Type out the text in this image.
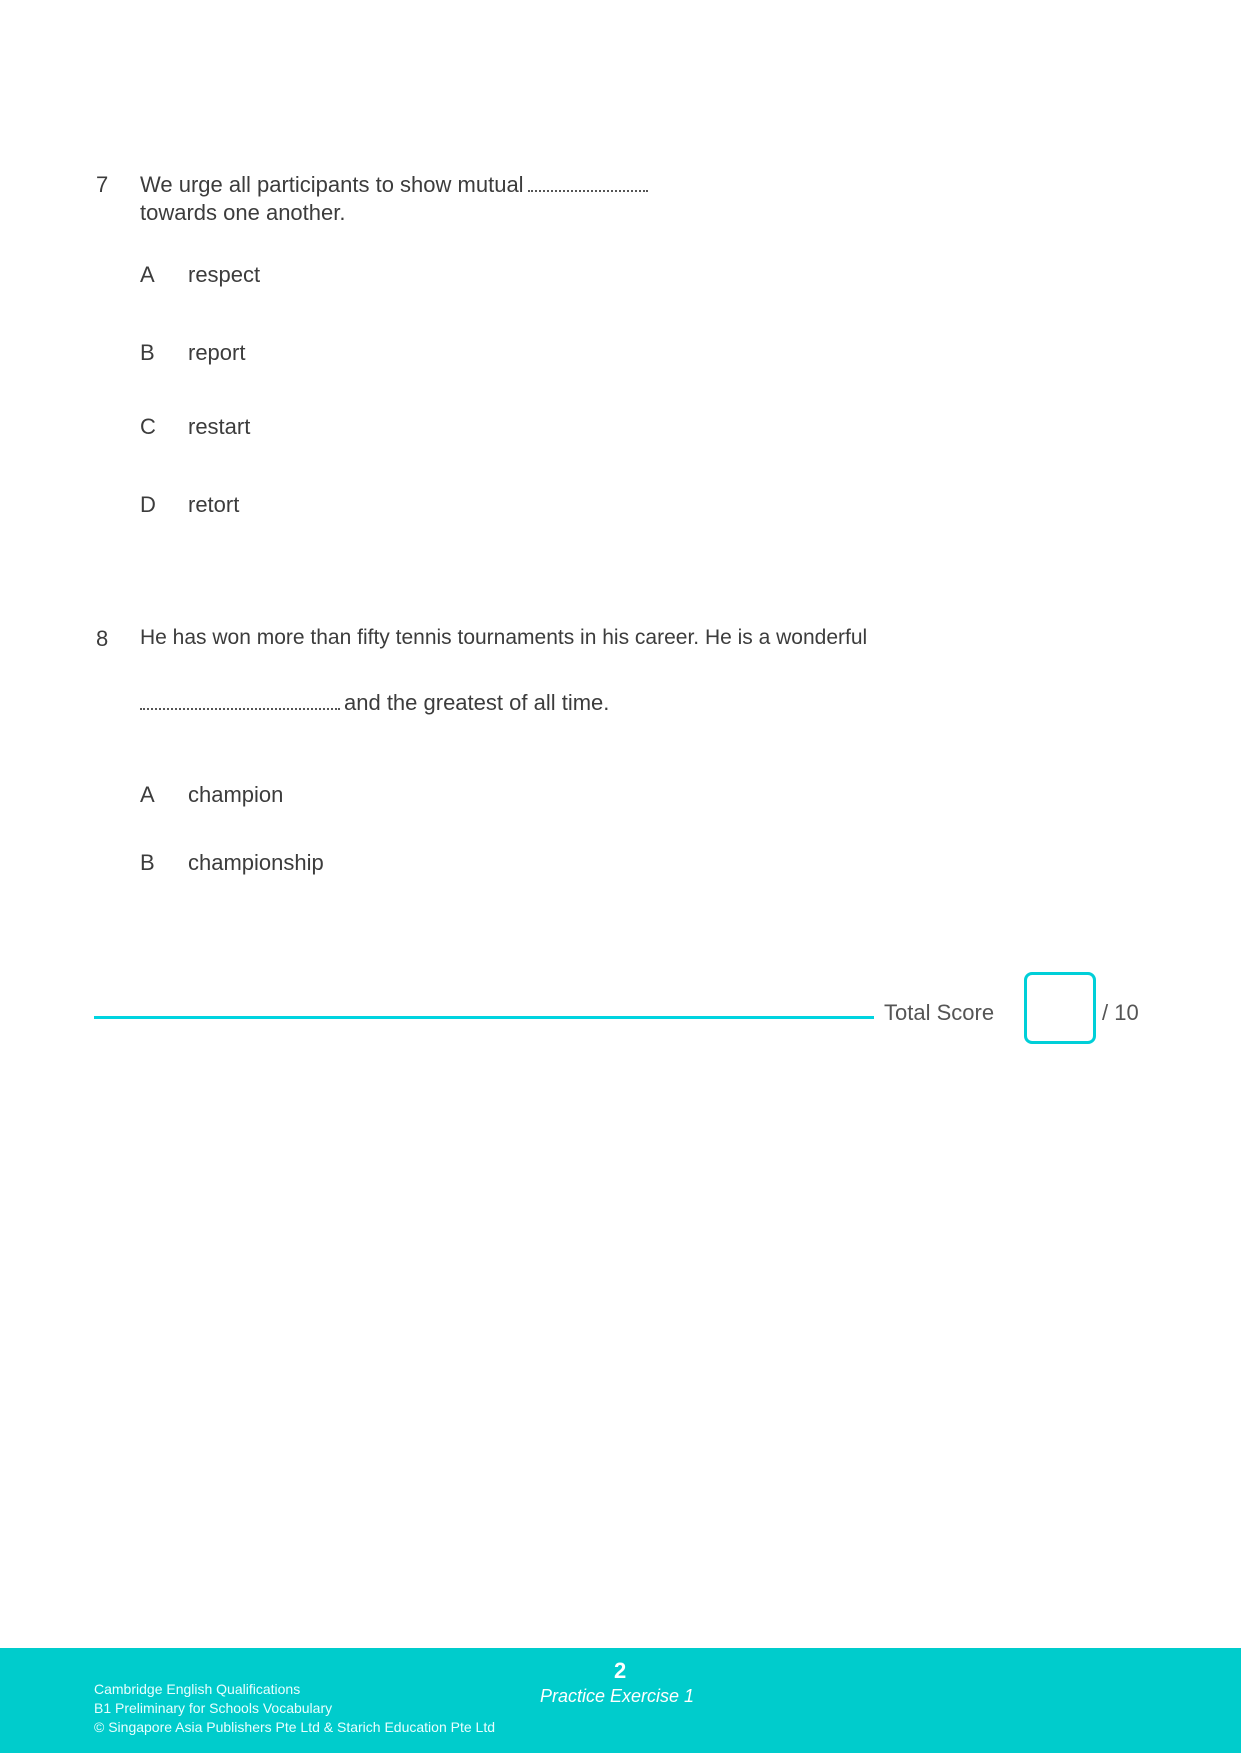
7 We urge all participants to show mutual
towards one another.
A respect
B report
C restart
D retort
8 He has won more than fifty tennis tournaments in his career. He is a wonderful
and the greatest of all time.
A champion
B championship
Total Score	/ 10
Cambridge English Qualifications
B1 Preliminary for Schools Vocabulary
© Singapore Asia Publishers Pte Ltd & Starich Education Pte Ltd
2
Practice Exercise 1
